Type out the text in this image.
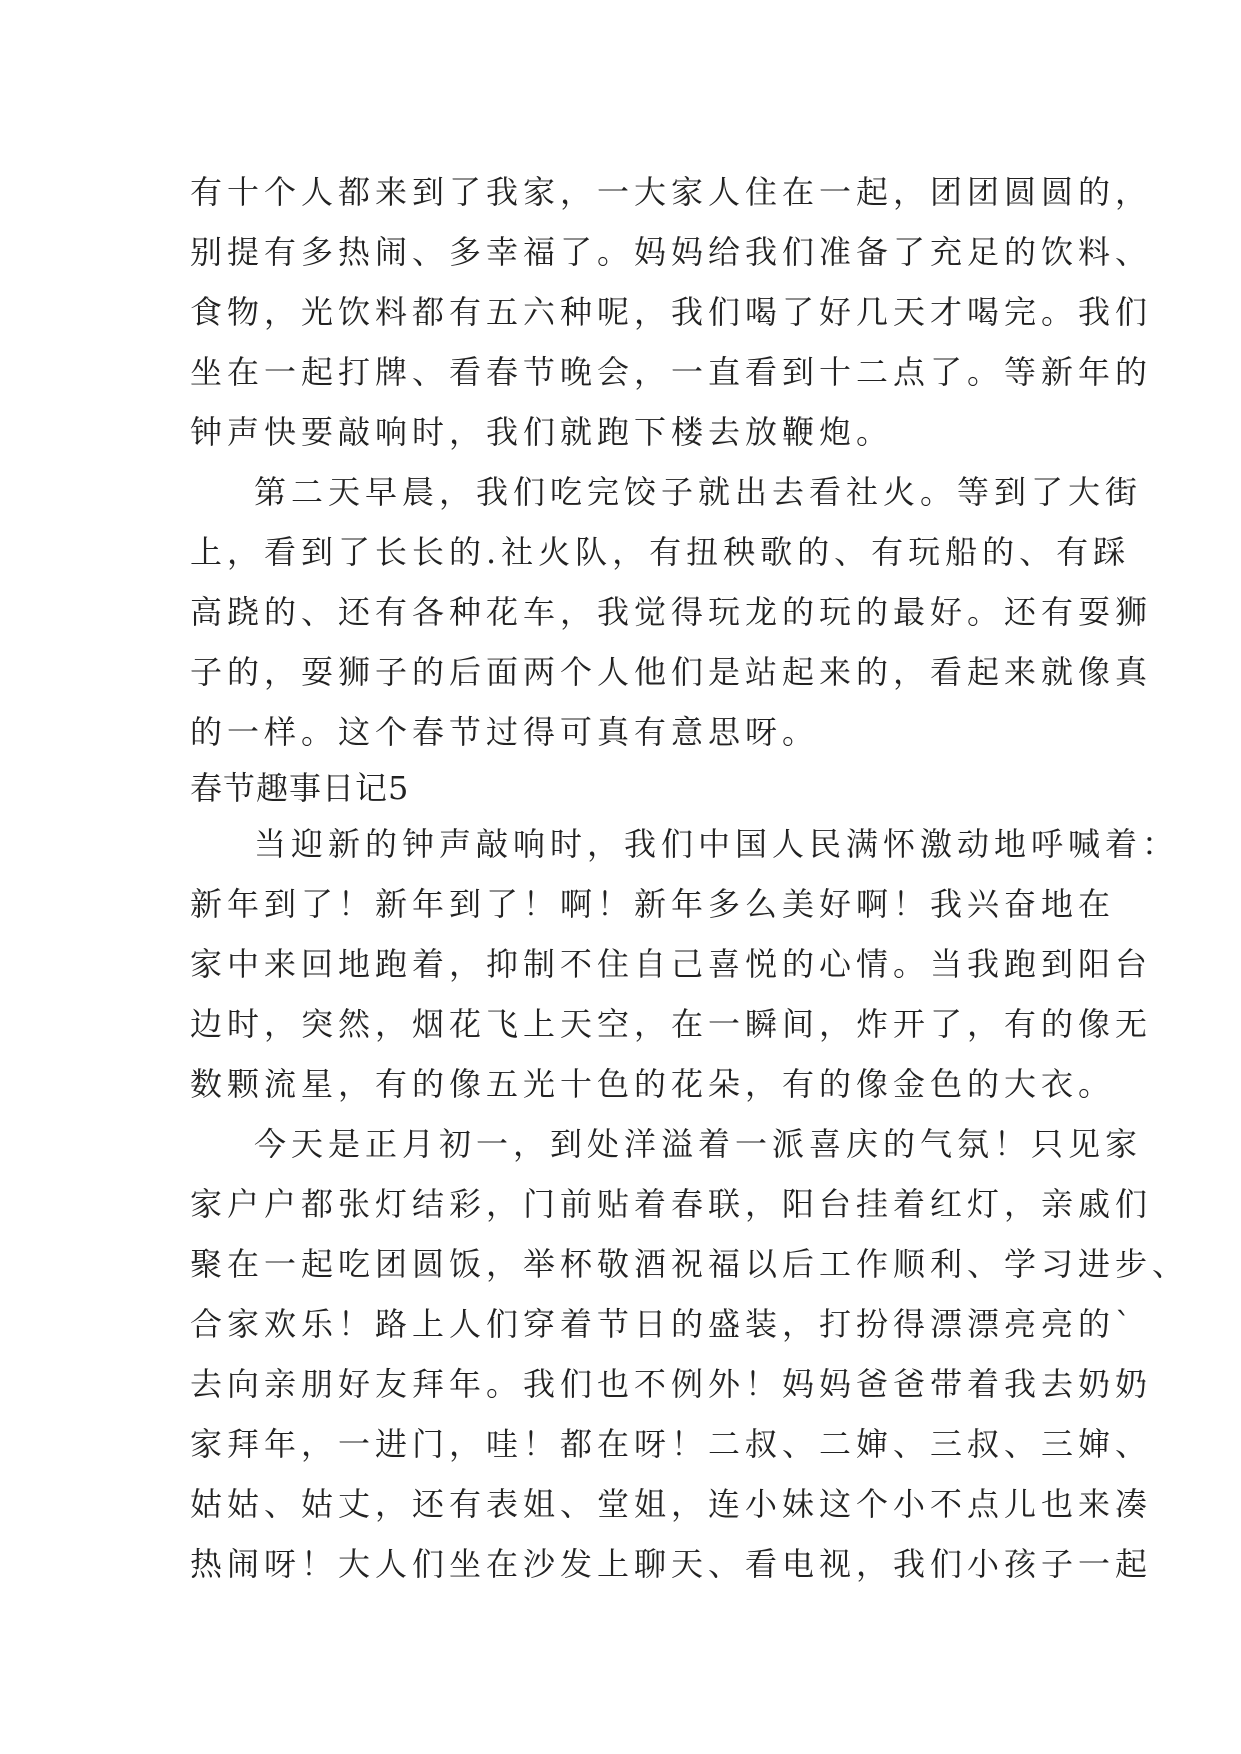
有十个人都来到了我家，一大家人住在一起，团团圆圆的，
别提有多热闹、多幸福了。妈妈给我们准备了充足的饮料、
食物，光饮料都有五六种呢，我们喝了好几天才喝完。我们
坐在一起打牌、看春节晚会，一直看到十二点了。等新年的
钟声快要敲响时，我们就跑下楼去放鞭炮。
第二天早晨，我们吃完饺子就出去看社火。等到了大街
上，看到了长长的.社火队，有扭秧歌的、有玩船的、有踩
高跷的、还有各种花车，我觉得玩龙的玩的最好。还有耍狮
子的，耍狮子的后面两个人他们是站起来的，看起来就像真
的一样。这个春节过得可真有意思呀。
春节趣事日记5
当迎新的钟声敲响时，我们中国人民满怀激动地呼喊着：
新年到了！新年到了！啊！新年多么美好啊！我兴奋地在
家中来回地跑着，抑制不住自己喜悦的心情。当我跑到阳台
边时，突然，烟花飞上天空，在一瞬间，炸开了，有的像无
数颗流星，有的像五光十色的花朵，有的像金色的大衣。
今天是正月初一，到处洋溢着一派喜庆的气氛！只见家
家户户都张灯结彩，门前贴着春联，阳台挂着红灯，亲戚们
聚在一起吃团圆饭，举杯敬酒祝福以后工作顺利、学习进步、
合家欢乐！路上人们穿着节日的盛装，打扮得漂漂亮亮的`
去向亲朋好友拜年。我们也不例外！妈妈爸爸带着我去奶奶
家拜年，一进门，哇！都在呀！二叔、二婶、三叔、三婶、
姑姑、姑丈，还有表姐、堂姐，连小妹这个小不点儿也来凑
热闹呀！大人们坐在沙发上聊天、看电视，我们小孩子一起
